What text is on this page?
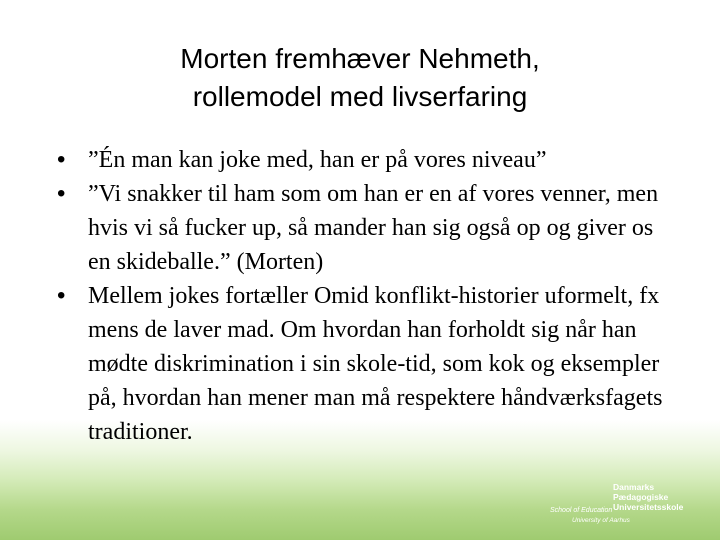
Morten fremhæver Nehmeth,
rollemodel med livserfaring
• ”Én man kan joke med, han er på vores niveau”
• ”Vi snakker til ham som om han er en af vores venner, men hvis vi så fucker up, så mander han sig også op og giver os en skideballe.” (Morten)
• Mellem jokes fortæller Omid konflikt-historier uformelt, fx mens de laver mad. Om hvordan han forholdt sig når han mødte diskrimination i sin skole-tid, som kok og eksempler på, hvordan han mener man må respektere håndværksfagets traditioner.
Danmarks
Pædagogiske
Universitetsskole
School of Education
University of Aarhus
